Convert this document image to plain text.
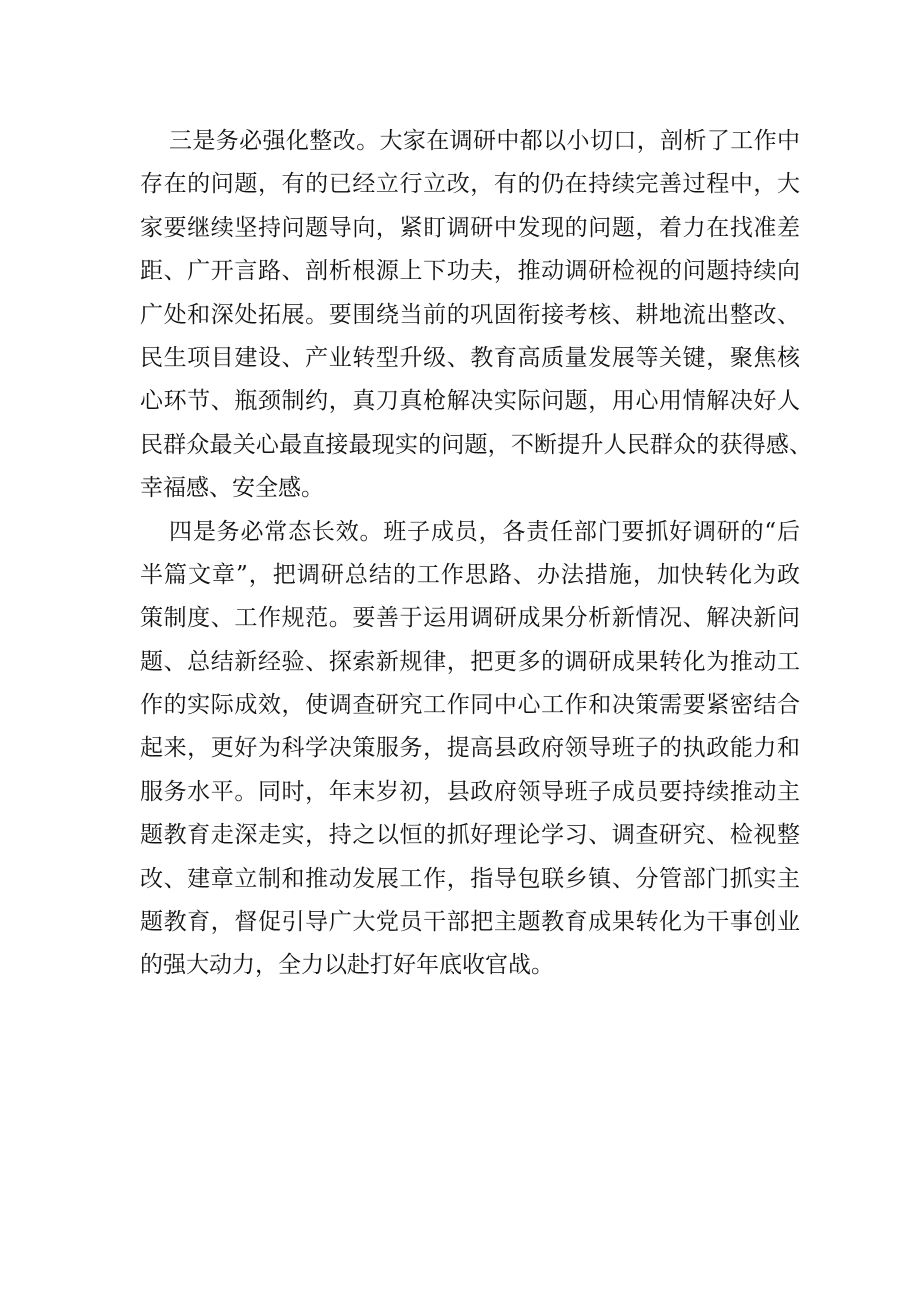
三是务必强化整改。大家在调研中都以小切口，剖析了工作中
存在的问题，有的已经立行立改，有的仍在持续完善过程中，大
家要继续坚持问题导向，紧盯调研中发现的问题，着力在找准差
距、广开言路、剖析根源上下功夫，推动调研检视的问题持续向
广处和深处拓展。要围绕当前的巩固衔接考核、耕地流出整改、
民生项目建设、产业转型升级、教育高质量发展等关键，聚焦核
心环节、瓶颈制约，真刀真枪解决实际问题，用心用情解决好人
民群众最关心最直接最现实的问题，不断提升人民群众的获得感、
幸福感、安全感。
四是务必常态长效。班子成员，各责任部门要抓好调研的“后
半篇文章”，把调研总结的工作思路、办法措施，加快转化为政
策制度、工作规范。要善于运用调研成果分析新情况、解决新问
题、总结新经验、探索新规律，把更多的调研成果转化为推动工
作的实际成效，使调查研究工作同中心工作和决策需要紧密结合
起来，更好为科学决策服务，提高县政府领导班子的执政能力和
服务水平。同时，年末岁初，县政府领导班子成员要持续推动主
题教育走深走实，持之以恒的抓好理论学习、调查研究、检视整
改、建章立制和推动发展工作，指导包联乡镇、分管部门抓实主
题教育，督促引导广大党员干部把主题教育成果转化为干事创业
的强大动力，全力以赴打好年底收官战。
